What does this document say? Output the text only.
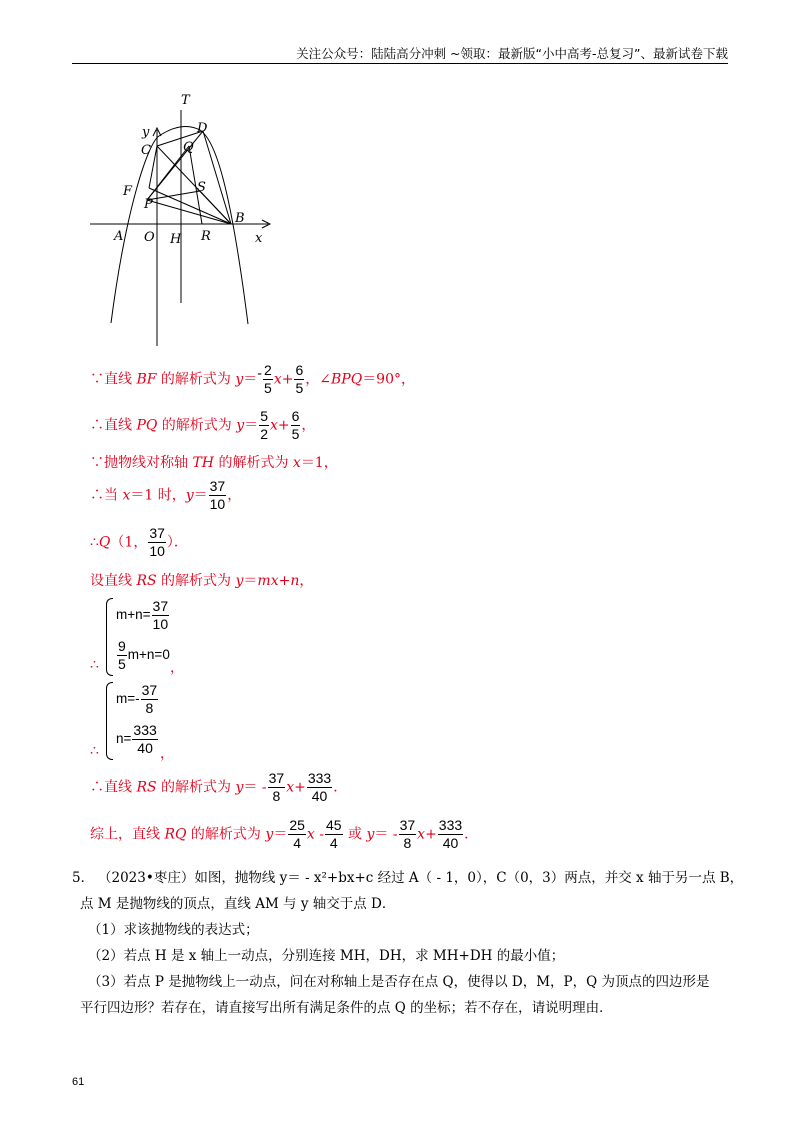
关注公众号：陆陆高分冲刺 ~领取：最新版“小中高考-总复习”、最新试卷下载
T
y	D
C Q
F	S
P
B
A O H R	x
∵直线 BF 的解析式为 $y=- \frac{2}{5} x+ \frac{6}{5}$ ，∠BPQ＝90°，
∴直线 PQ 的解析式为 $y= \frac{5}{2} x+ \frac{6}{5}$ ，
∵抛物线对称轴 TH 的解析式为 x＝1，
∴当 x＝1 时，$y= \frac{37}{10}$ ，
∴Q（1， $\frac{37}{10}$ ）．
设直线 RS 的解析式为 y＝mx+n，
$m+n= \frac{37}{10}$
$\frac{9}{5} m+n=0$
∴	，
$m=- \frac{37}{8}$
$n= \frac{333}{40}$
∴	，
∴直线 RS 的解析式为 $y= - \frac{37}{8} x+ \frac{333}{40}$ ．
综上，直线 RQ 的解析式为 $y= \frac{25}{4}$ x - $\frac{45}{4}$ 或 $y= - \frac{37}{8} x+ \frac{333}{40}$ ．
5． （2023•枣庄）如图，抛物线 y＝ - x²+bx+c 经过 A（ - 1，0），C（0，3）两点，并交 x 轴于另一点 B，
点 M 是抛物线的顶点，直线 AM 与 y 轴交于点 D．
（1）求该抛物线的表达式；
（2）若点 H 是 x 轴上一动点，分别连接 MH，DH，求 MH+DH 的最小值；
（3）若点 P 是抛物线上一动点，问在对称轴上是否存在点 Q，使得以 D，M，P，Q 为顶点的四边形是
平行四边形？若存在，请直接写出所有满足条件的点 Q 的坐标；若不存在，请说明理由．
61
